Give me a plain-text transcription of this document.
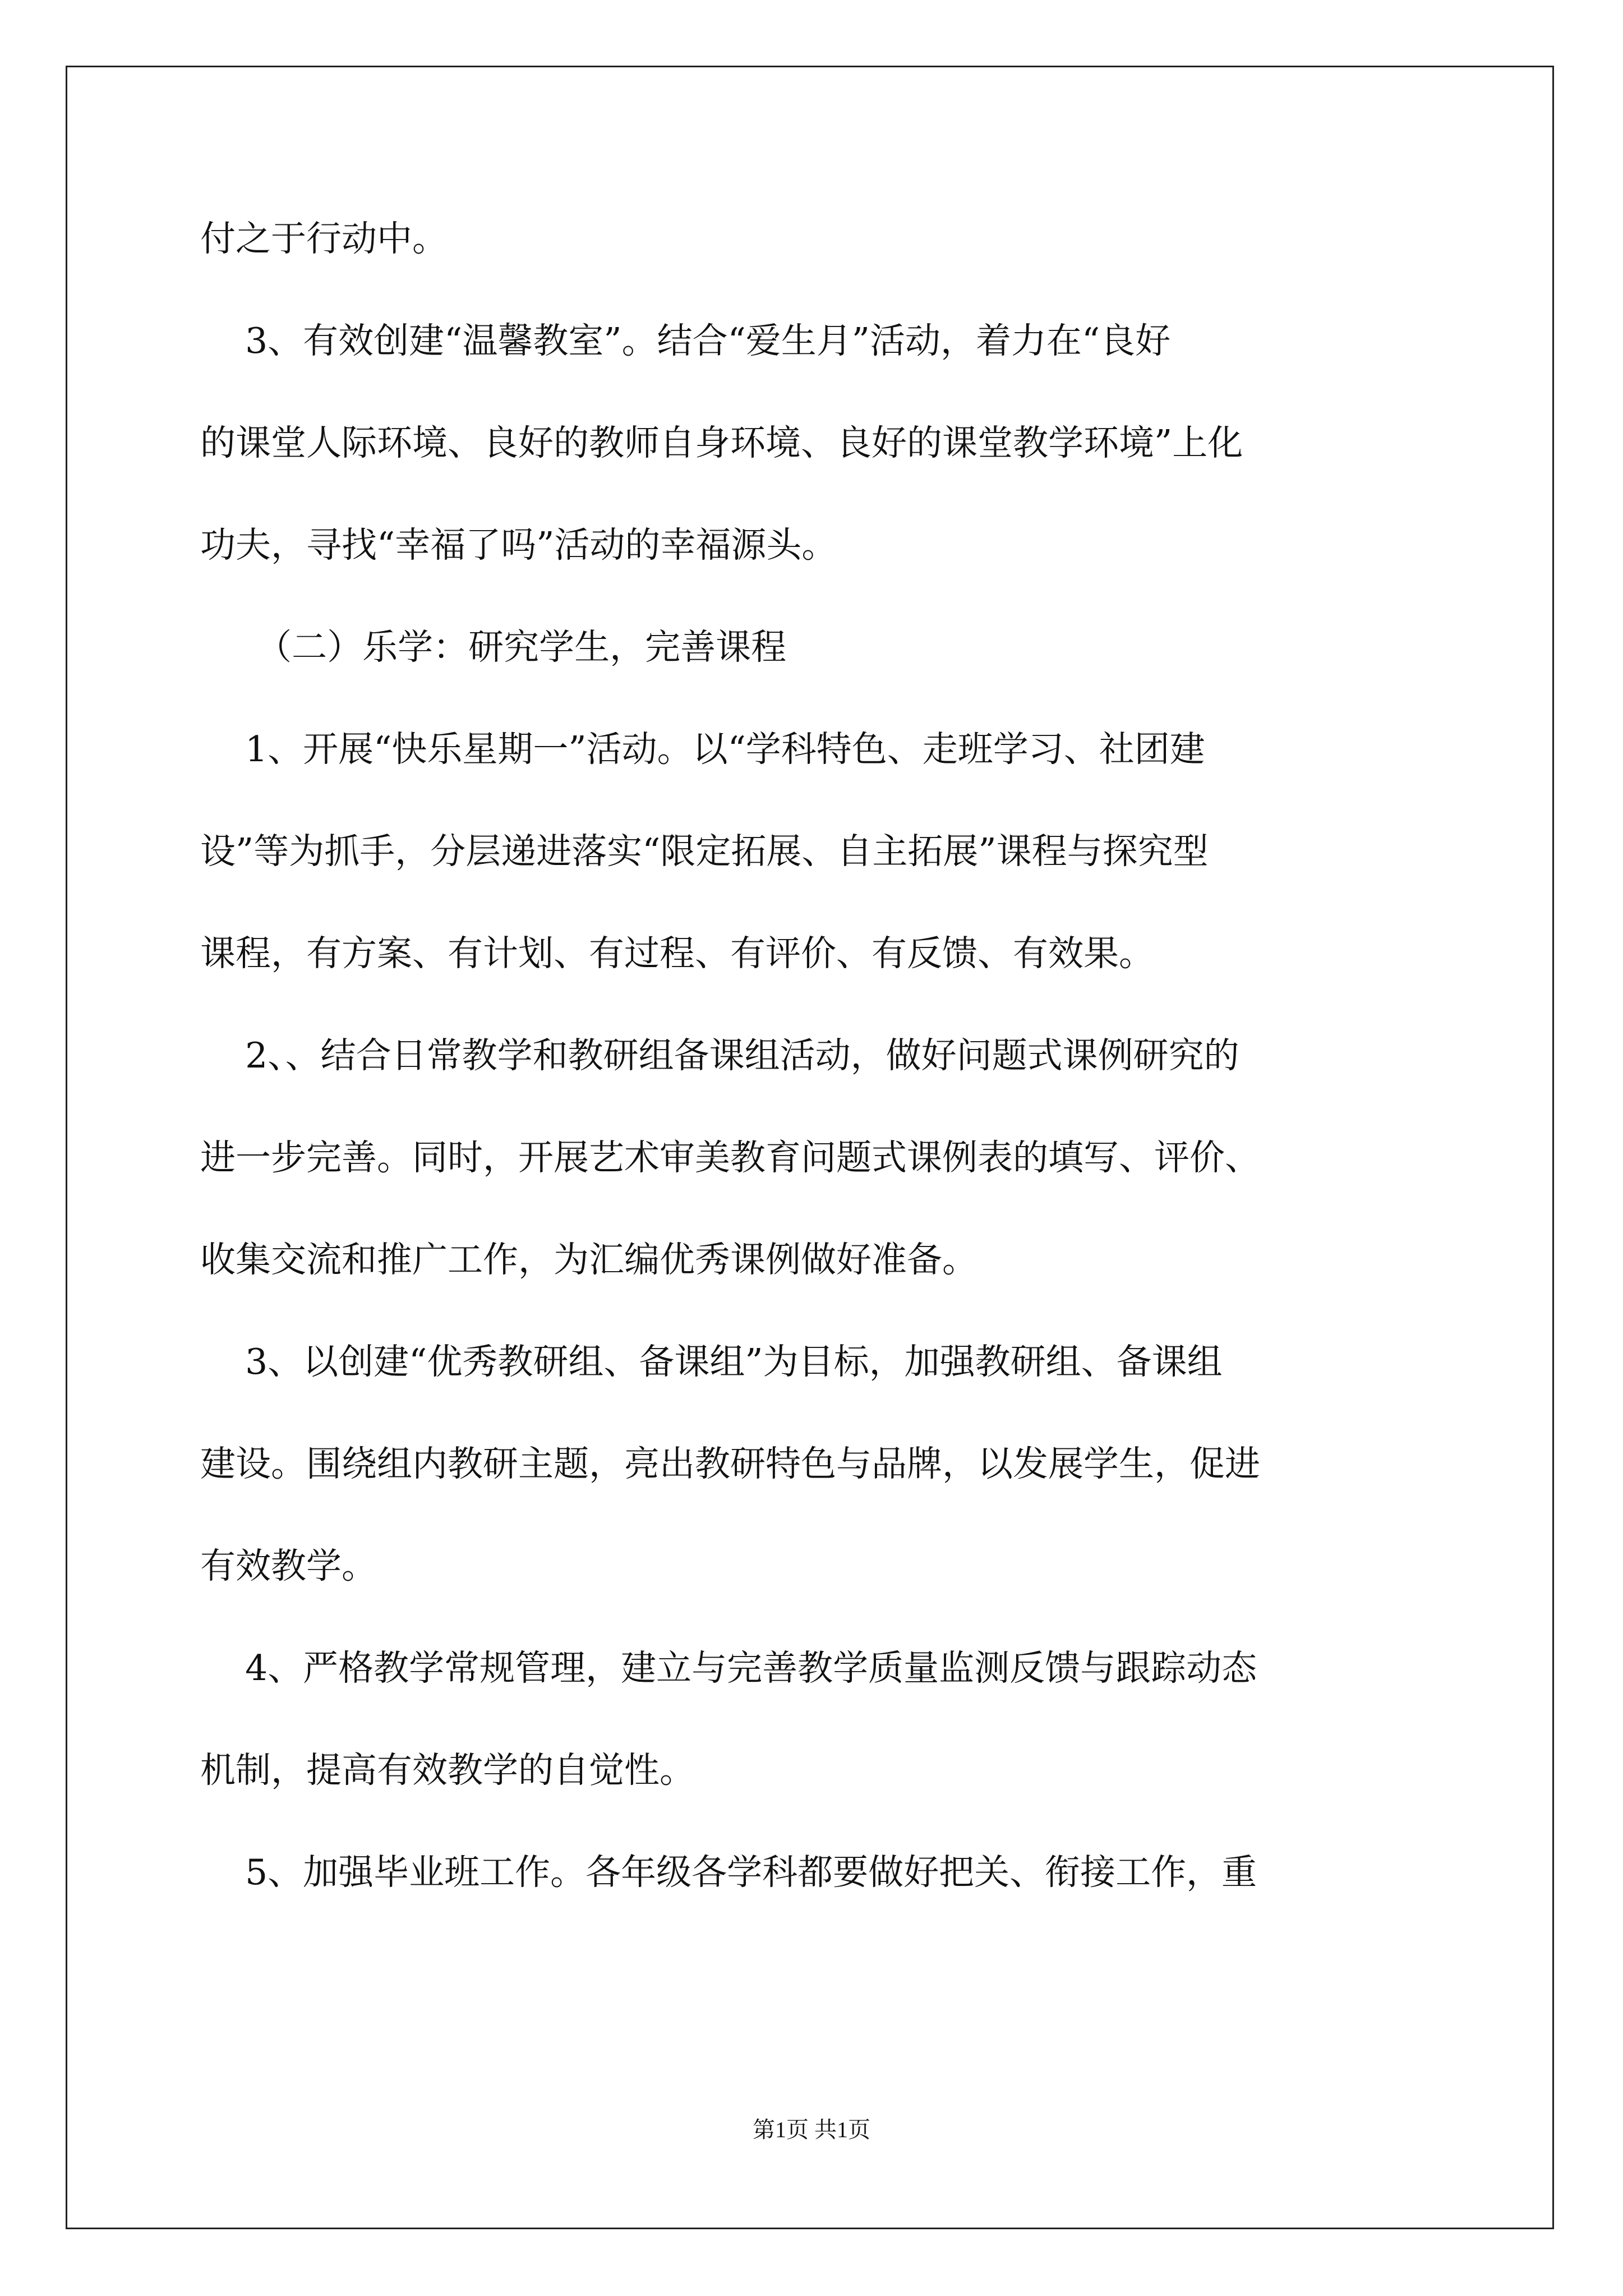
付之于行动中。

3、有效创建“温馨教室”。结合“爱生月”活动，着力在“良好

的课堂人际环境、良好的教师自身环境、良好的课堂教学环境”上化

功夫，寻找“幸福了吗”活动的幸福源头。

（二）乐学：研究学生，完善课程

1、开展“快乐星期一”活动。以“学科特色、走班学习、社团建

设”等为抓手，分层递进落实“限定拓展、自主拓展”课程与探究型

课程，有方案、有计划、有过程、有评价、有反馈、有效果。

2、、结合日常教学和教研组备课组活动，做好问题式课例研究的

进一步完善。同时，开展艺术审美教育问题式课例表的填写、评价、

收集交流和推广工作，为汇编优秀课例做好准备。

3、以创建“优秀教研组、备课组”为目标，加强教研组、备课组

建设。围绕组内教研主题，亮出教研特色与品牌，以发展学生，促进

有效教学。

4、严格教学常规管理，建立与完善教学质量监测反馈与跟踪动态

机制，提高有效教学的自觉性。

5、加强毕业班工作。各年级各学科都要做好把关、衔接工作，重

第1页 共1页
